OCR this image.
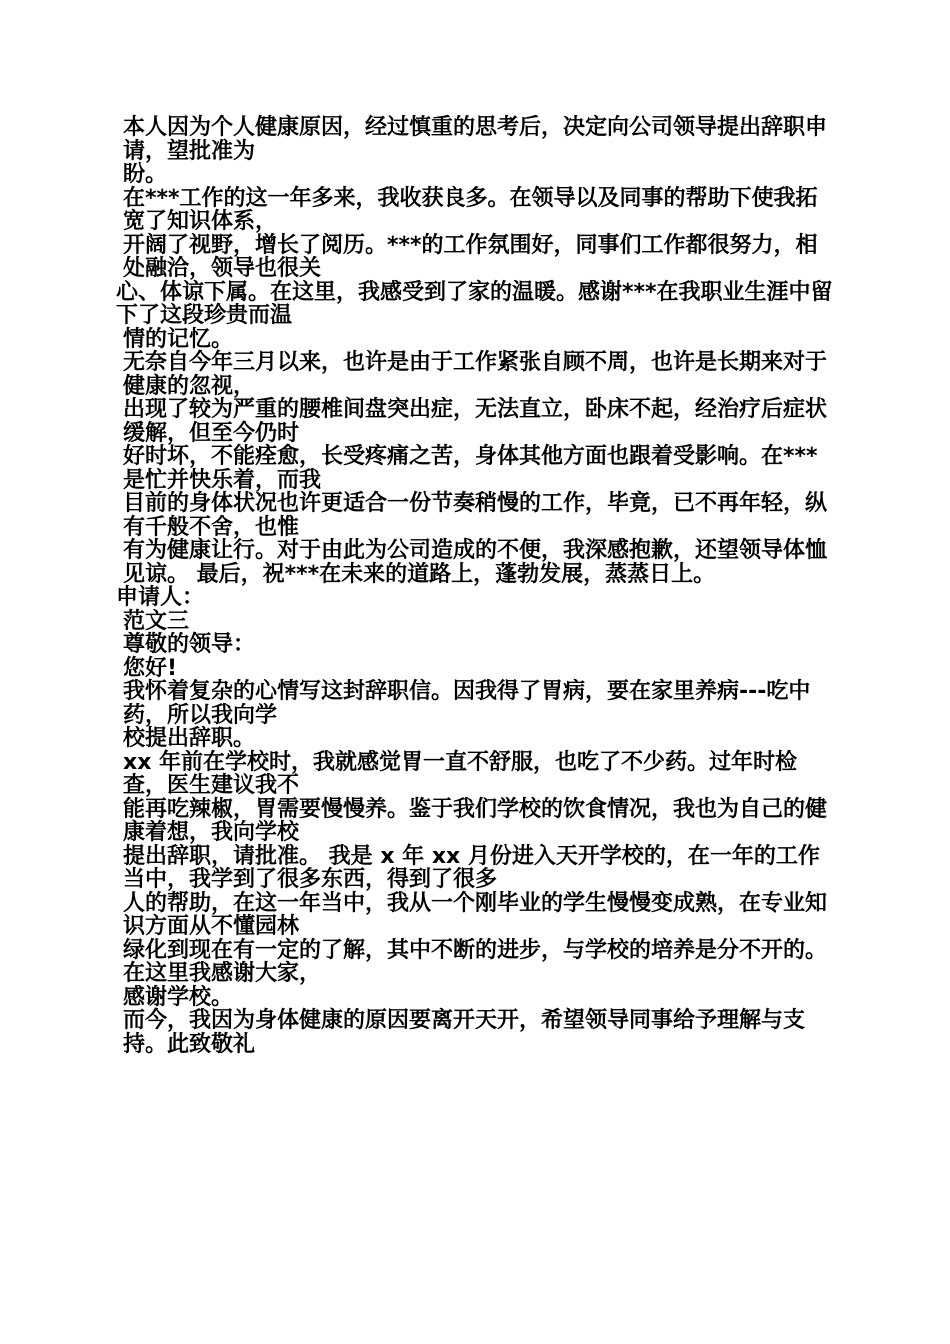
本人因为个人健康原因，经过慎重的思考后，决定向公司领导提出辞职申请，望批准为

盼。

在***工作的这一年多来，我收获良多。在领导以及同事的帮助下使我拓宽了知识体系，

开阔了视野，增长了阅历。***的工作氛围好，同事们工作都很努力，相处融洽，领导也很关

心、体谅下属。在这里，我感受到了家的温暖。感谢***在我职业生涯中留下了这段珍贵而温

情的记忆。

无奈自今年三月以来，也许是由于工作紧张自顾不周，也许是长期来对于健康的忽视，

出现了较为严重的腰椎间盘突出症，无法直立，卧床不起，经治疗后症状缓解，但至今仍时

好时坏，不能痊愈，长受疼痛之苦，身体其他方面也跟着受影响。在***是忙并快乐着，而我

目前的身体状况也许更适合一份节奏稍慢的工作，毕竟，已不再年轻，纵有千般不舍，也惟

有为健康让行。对于由此为公司造成的不便，我深感抱歉，还望领导体恤见谅。 最后，祝***在未来的道路上，蓬勃发展，蒸蒸日上。

申请人：

范文三

尊敬的领导：

您好!

我怀着复杂的心情写这封辞职信。因我得了胃病，要在家里养病---吃中药，所以我向学

校提出辞职。

xx 年前在学校时，我就感觉胃一直不舒服，也吃了不少药。过年时检查，医生建议我不

能再吃辣椒，胃需要慢慢养。鉴于我们学校的饮食情况，我也为自己的健康着想，我向学校

提出辞职，请批准。 我是 x 年 xx 月份进入天开学校的，在一年的工作当中，我学到了很多东西，得到了很多

人的帮助，在这一年当中，我从一个刚毕业的学生慢慢变成熟，在专业知识方面从不懂园林

绿化到现在有一定的了解，其中不断的进步，与学校的培养是分不开的。在这里我感谢大家，

感谢学校。

而今，我因为身体健康的原因要离开天开，希望领导同事给予理解与支持。此致敬礼
